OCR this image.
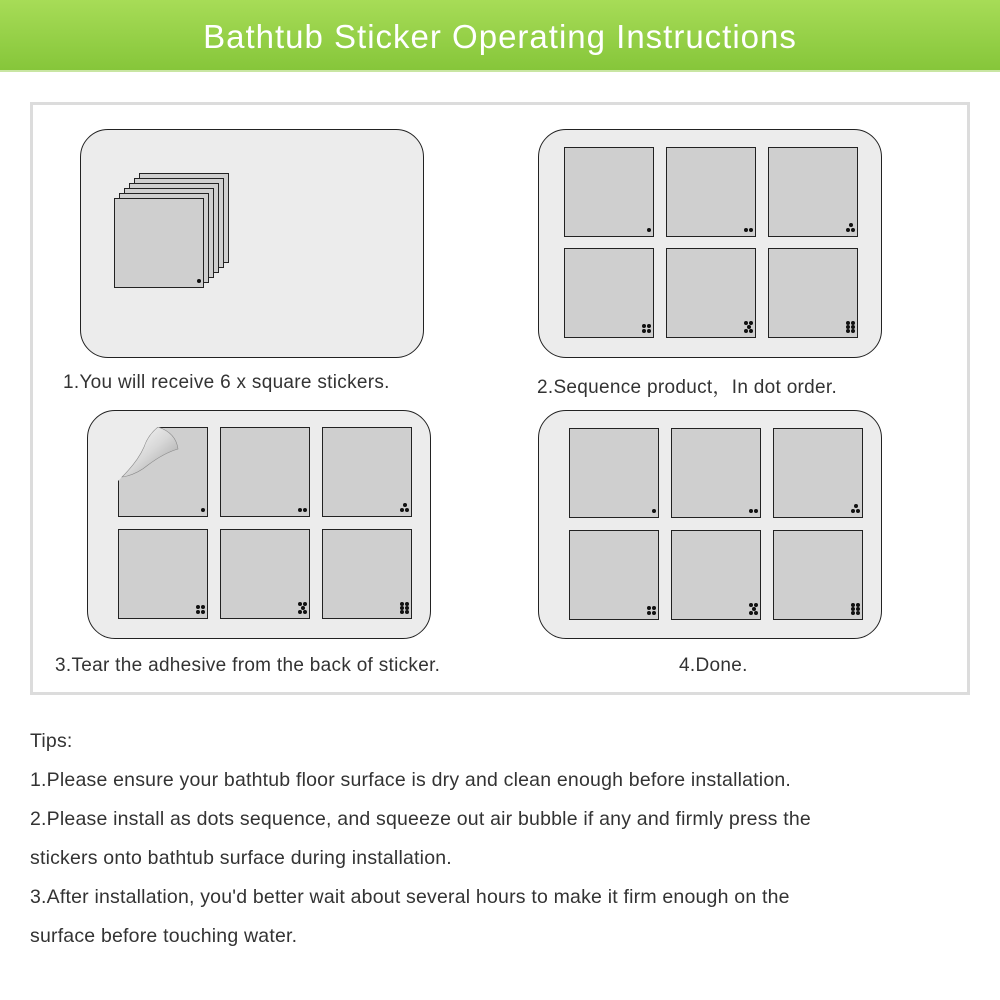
Bathtub Sticker Operating Instructions
1.You will receive 6 x square stickers.	2.Sequence product，In dot order.
3.Tear the adhesive from the back of sticker.	4.Done.
Tips:
1.Please ensure your bathtub floor surface is dry and clean enough before installation.
2.Please install as dots sequence, and squeeze out air bubble if any and firmly press the
stickers onto bathtub surface during installation.
3.After installation, you'd better wait about several hours to make it firm enough on the
surface before touching water.
